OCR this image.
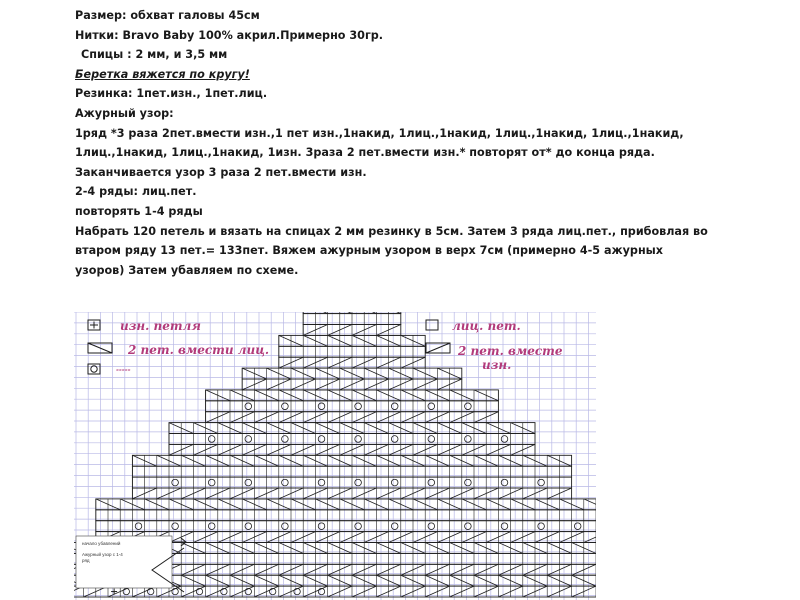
Размер: обхват галовы 45см

Нитки: Bravo Baby 100% акрил.Примерно 30гр.

Спицы : 2 мм, и 3,5 мм

Беретка вяжется по кругу!

Резинка: 1пет.изн., 1пет.лиц.

Ажурный узор:

1ряд *3 раза 2пет.вмести изн.,1 пет изн.,1накид, 1лиц.,1накид, 1лиц.,1накид, 1лиц.,1накид, 1лиц.,1накид, 1лиц.,1накид, 1изн. 3раза 2 пет.вмести изн.* повторят от* до конца ряда.

Заканчивается узор 3 раза 2 пет.вмести изн.

2-4 ряды: лиц.пет.

повторять 1-4 ряды

Набрать 120 петель и вязать на спицах 2 мм резинку в 5см. Затем 3 ряда лиц.пет., прибовлая во втаром ряду 13 пет.= 133пет. Вяжем ажурным узором в верх 7см (примерно 4-5 ажурных узоров) Затем убавляем по схеме.

изн. петля
2 пет. вмести лиц.
-----
лиц. пет.
2 пет. вместе
изн.
начало убавлений
Ажурный узор с 1-4
ряд
